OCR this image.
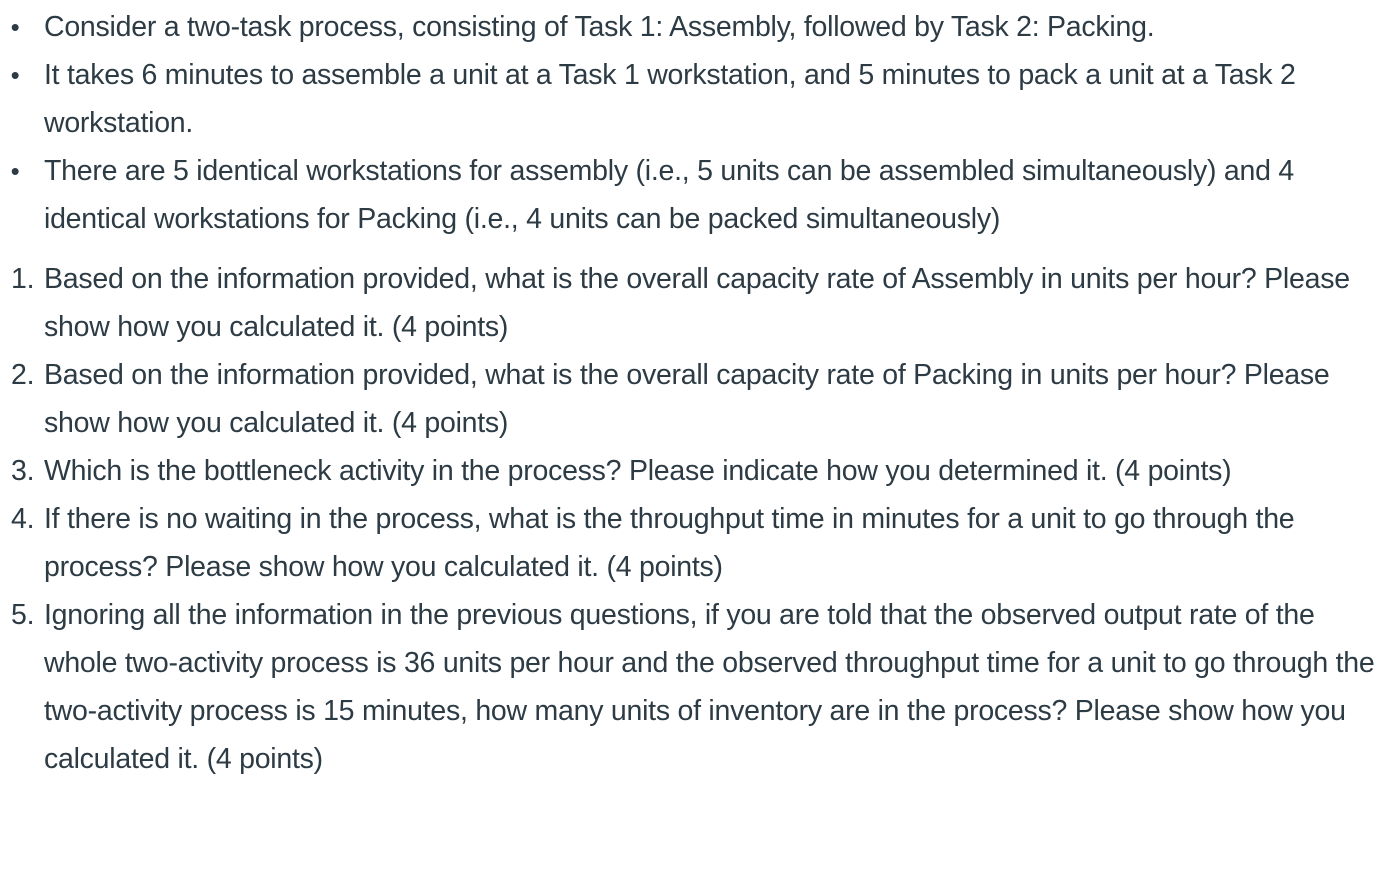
• Consider a two-task process, consisting of Task 1: Assembly, followed by Task 2: Packing.
• It takes 6 minutes to assemble a unit at a Task 1 workstation, and 5 minutes to pack a unit at a Task 2 workstation.
• There are 5 identical workstations for assembly (i.e., 5 units can be assembled simultaneously) and 4 identical workstations for Packing (i.e., 4 units can be packed simultaneously)
1. Based on the information provided, what is the overall capacity rate of Assembly in units per hour? Please show how you calculated it. (4 points)
2. Based on the information provided, what is the overall capacity rate of Packing in units per hour? Please show how you calculated it. (4 points)
3. Which is the bottleneck activity in the process? Please indicate how you determined it. (4 points)
4. If there is no waiting in the process, what is the throughput time in minutes for a unit to go through the process? Please show how you calculated it. (4 points)
5. Ignoring all the information in the previous questions, if you are told that the observed output rate of the whole two-activity process is 36 units per hour and the observed throughput time for a unit to go through the two-activity process is 15 minutes, how many units of inventory are in the process? Please show how you calculated it. (4 points)
